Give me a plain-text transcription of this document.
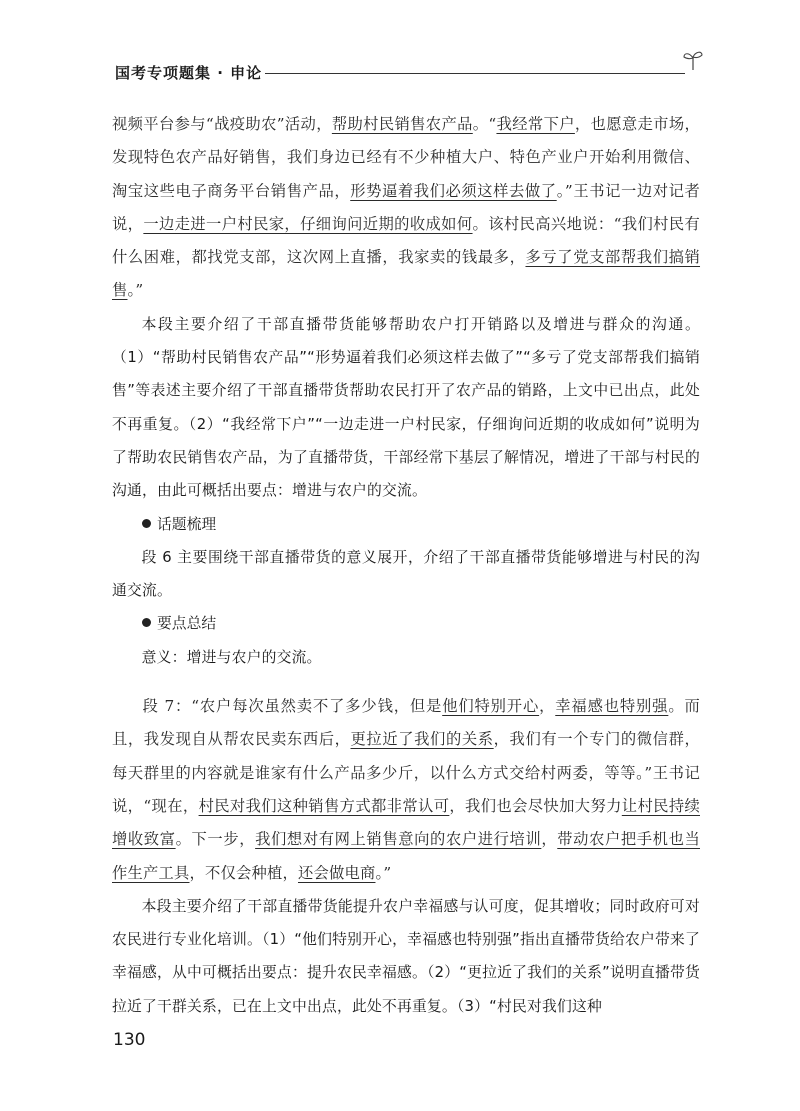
国考专项题集 · 申论

视频平台参与“战疫助农”活动，帮助村民销售农产品。“我经常下户，也愿意走市场，发现特色农产品好销售，我们身边已经有不少种植大户、特色产业户开始利用微信、淘宝这些电子商务平台销售产品，形势逼着我们必须这样去做了。”王书记一边对记者说，一边走进一户村民家，仔细询问近期的收成如何。该村民高兴地说：“我们村民有什么困难，都找党支部，这次网上直播，我家卖的钱最多，多亏了党支部帮我们搞销售。”

本段主要介绍了干部直播带货能够帮助农户打开销路以及增进与群众的沟通。（1）“帮助村民销售农产品”“形势逼着我们必须这样去做了”“多亏了党支部帮我们搞销售”等表述主要介绍了干部直播带货帮助农民打开了农产品的销路，上文中已出点，此处不再重复。（2）“我经常下户”“一边走进一户村民家，仔细询问近期的收成如何”说明为了帮助农民销售农产品，为了直播带货，干部经常下基层了解情况，增进了干部与村民的沟通，由此可概括出要点：增进与农户的交流。

话题梳理

段 6 主要围绕干部直播带货的意义展开，介绍了干部直播带货能够增进与村民的沟通交流。

要点总结

意义：增进与农户的交流。

段 7：“农户每次虽然卖不了多少钱，但是他们特别开心，幸福感也特别强。而且，我发现自从帮农民卖东西后，更拉近了我们的关系，我们有一个专门的微信群，每天群里的内容就是谁家有什么产品多少斤，以什么方式交给村两委，等等。”王书记说，“现在，村民对我们这种销售方式都非常认可，我们也会尽快加大努力让村民持续增收致富。下一步，我们想对有网上销售意向的农户进行培训，带动农户把手机也当作生产工具，不仅会种植，还会做电商。”

本段主要介绍了干部直播带货能提升农户幸福感与认可度，促其增收；同时政府可对农民进行专业化培训。（1）“他们特别开心，幸福感也特别强”指出直播带货给农户带来了幸福感，从中可概括出要点：提升农民幸福感。（2）“更拉近了我们的关系”说明直播带货拉近了干群关系，已在上文中出点，此处不再重复。（3）“村民对我们这种

130
